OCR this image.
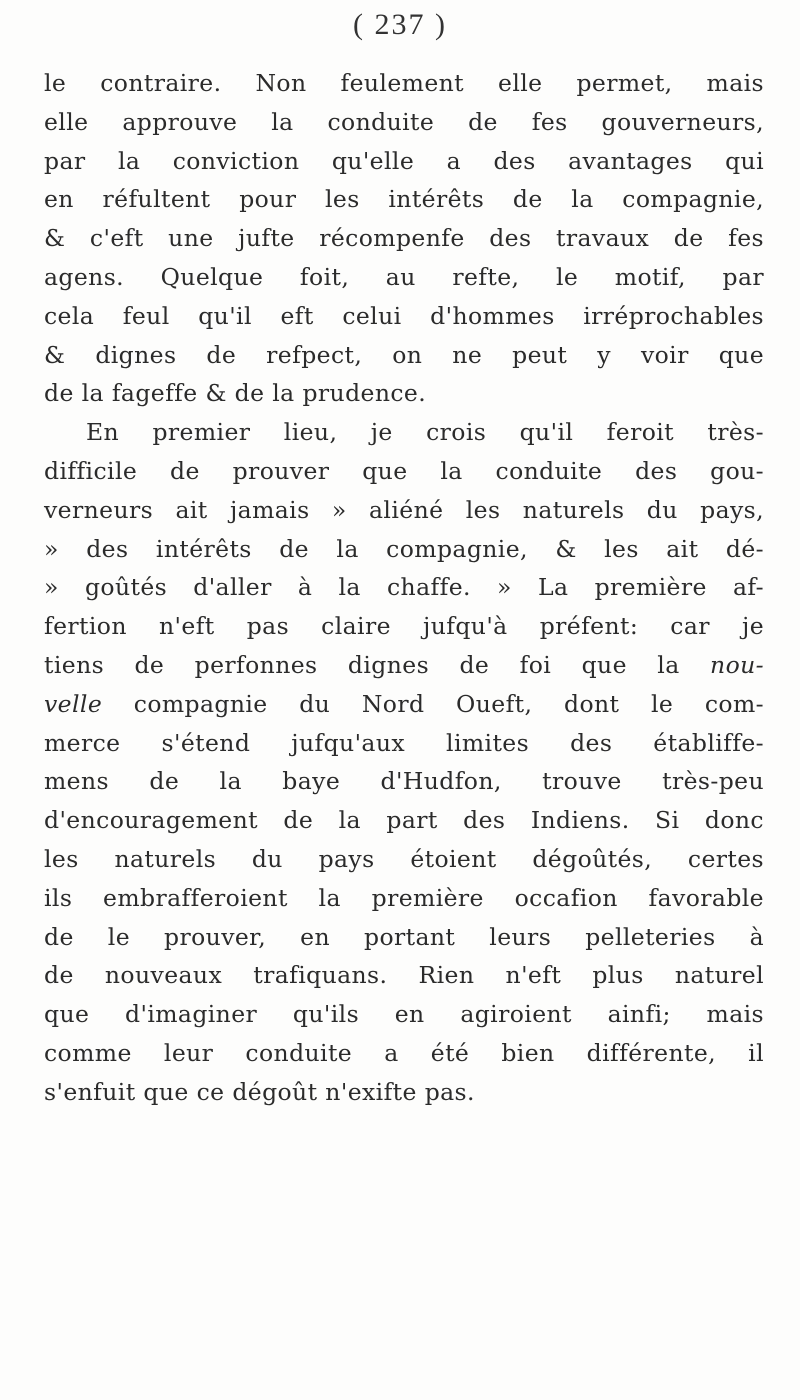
( 237 )
le contraire. Non feulement elle permet, mais
elle approuve la conduite de fes gouverneurs,
par la conviction qu'elle a des avantages qui
en réfultent pour les intérêts de la compagnie,
& c'eft une jufte récompenfe des travaux de fes
agens. Quelque foit, au refte, le motif, par
cela feul qu'il eft celui d'hommes irréprochables
& dignes de refpect, on ne peut y voir que
de la fageffe & de la prudence.
En premier lieu, je crois qu'il feroit très-
difficile de prouver que la conduite des gou-
verneurs ait jamais » aliéné les naturels du pays,
» des intérêts de la compagnie, & les ait dé-
» goûtés d'aller à la chaffe. » La première af-
fertion n'eft pas claire jufqu'à préfent: car je
tiens de perfonnes dignes de foi que la nou-
velle compagnie du Nord Oueft, dont le com-
merce s'étend jufqu'aux limites des établiffe-
mens de la baye d'Hudfon, trouve très-peu
d'encouragement de la part des Indiens. Si donc
les naturels du pays étoient dégoûtés, certes
ils embrafferoient la première occafion favorable
de le prouver, en portant leurs pelleteries à
de nouveaux trafiquans. Rien n'eft plus naturel
que d'imaginer qu'ils en agiroient ainfi; mais
comme leur conduite a été bien différente, il
s'enfuit que ce dégoût n'exifte pas.
